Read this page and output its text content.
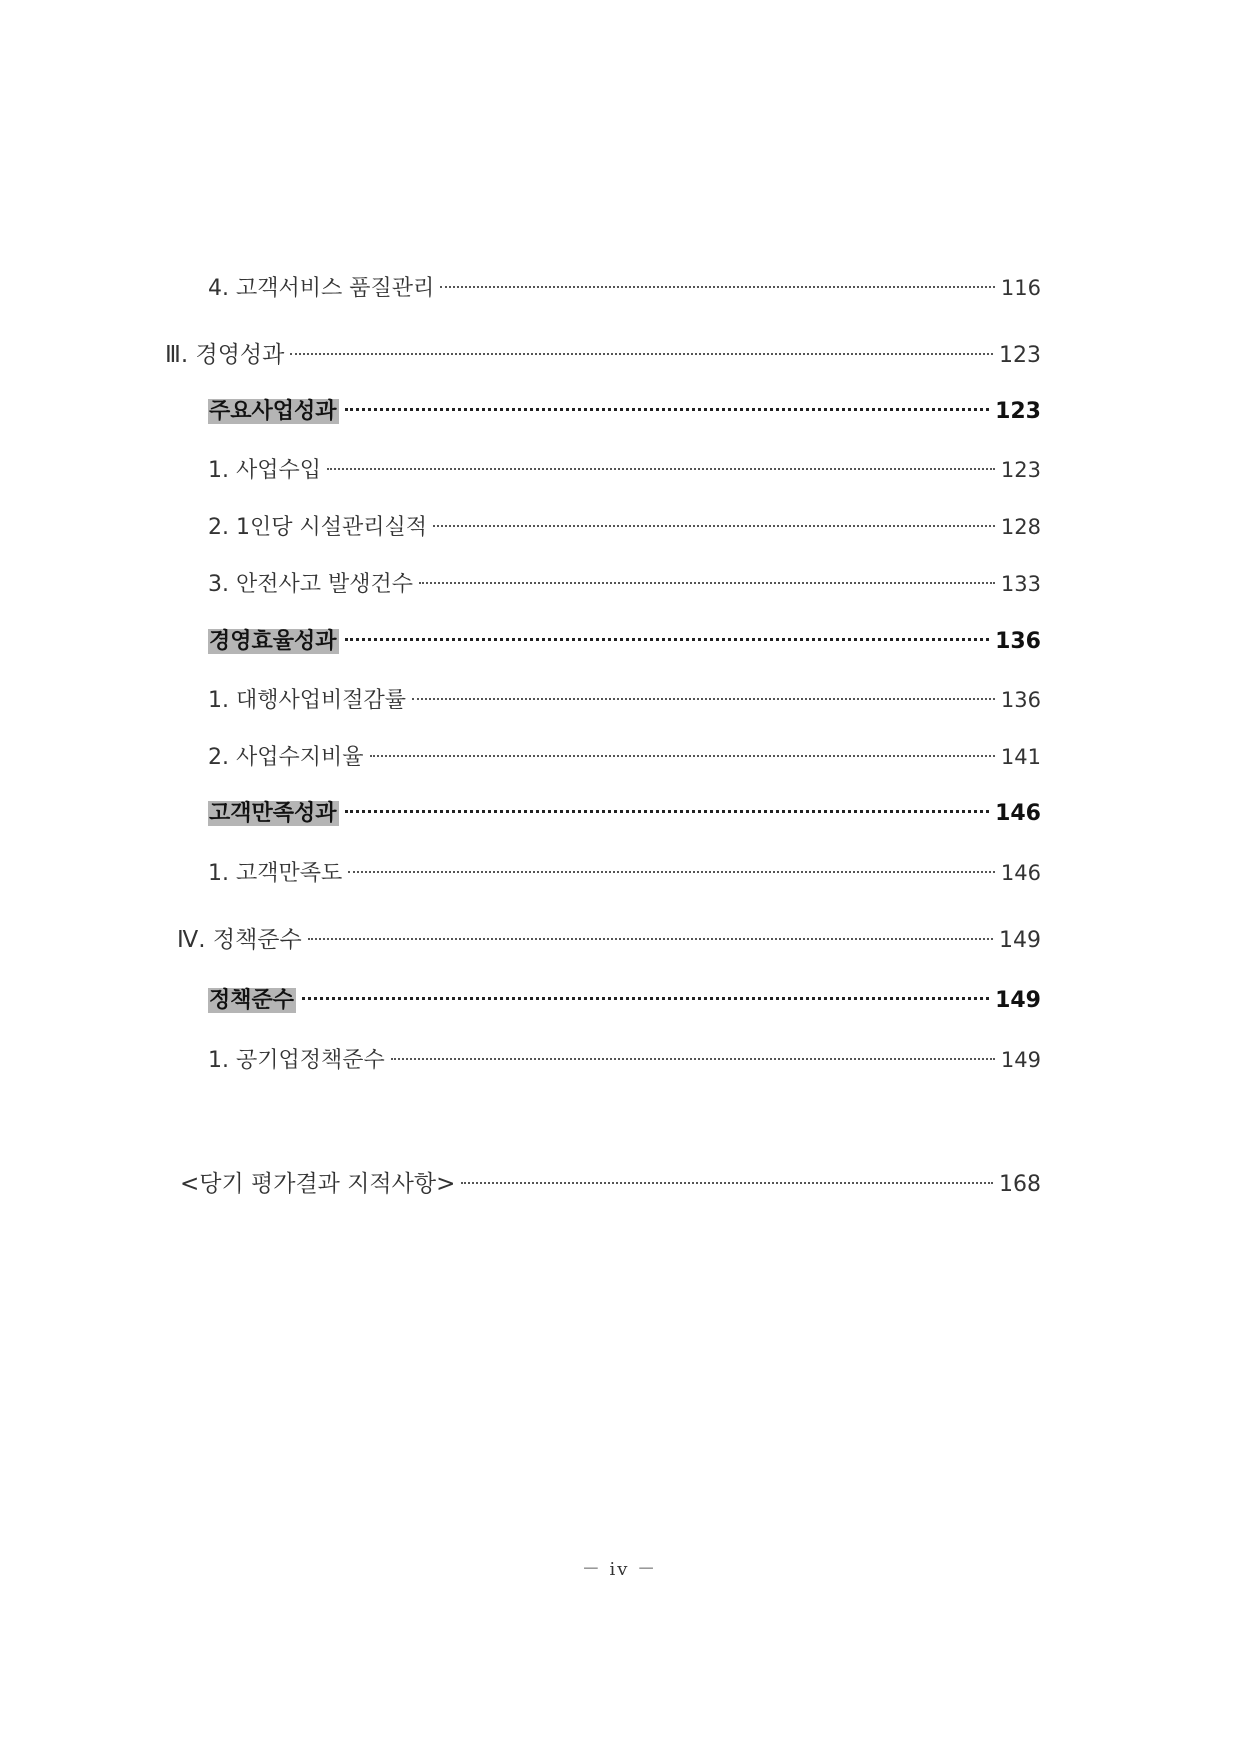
4. 고객서비스 품질관리	116
Ⅲ. 경영성과	123
주요사업성과	123
1. 사업수입	123
2. 1인당 시설관리실적	128
3. 안전사고 발생건수	133
경영효율성과	136
1. 대행사업비절감률	136
2. 사업수지비율	141
고객만족성과	146
1. 고객만족도	146
Ⅳ. 정책준수	149
정책준수	149
1. 공기업정책준수	149
<당기 평가결과 지적사항>	168
－ iv －
